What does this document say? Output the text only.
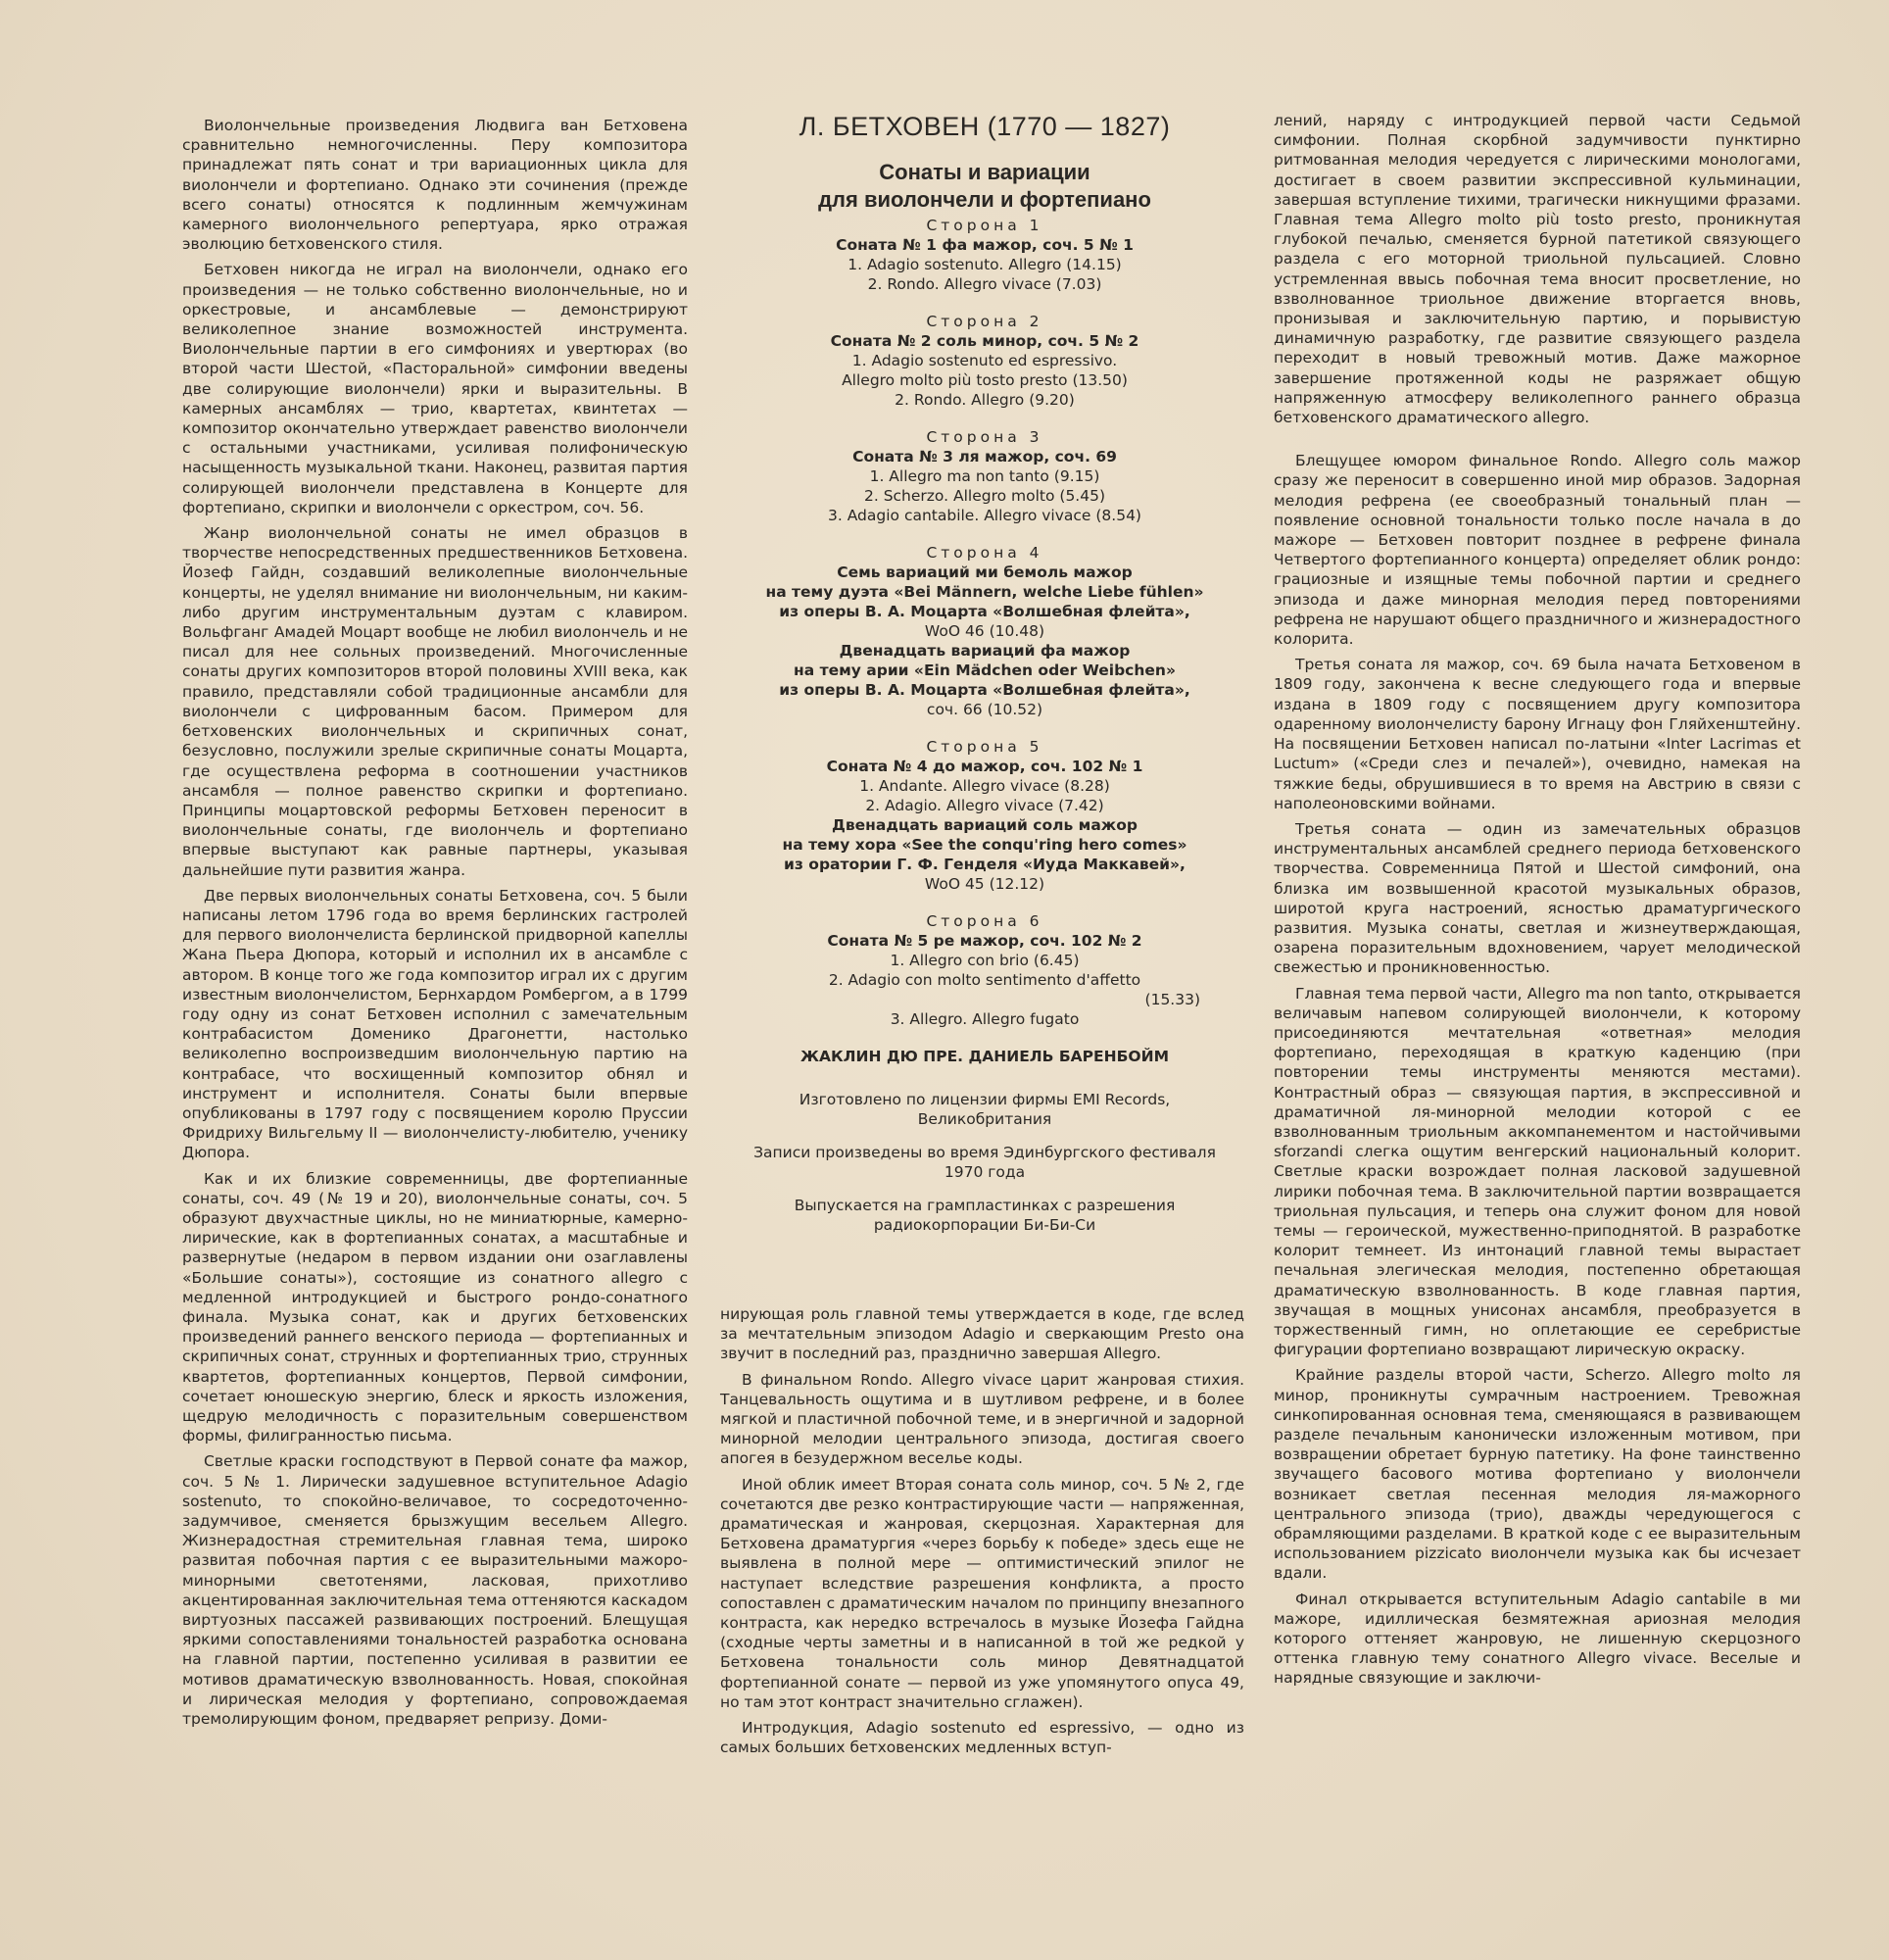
Виолончельные произведения Людвига ван Бетховена сравнительно немногочисленны. Перу композитора принадлежат пять сонат и три вариационных цикла для виолончели и фортепиано. Однако эти сочинения (прежде всего сонаты) относятся к подлинным жемчужинам камерного виолончельного репертуара, ярко отражая эволюцию бетховенского стиля.

Бетховен никогда не играл на виолончели, однако его произведения — не только собственно виолончельные, но и оркестровые, и ансамблевые — демонстрируют великолепное знание возможностей инструмента. Виолончельные партии в его симфониях и увертюрах (во второй части Шестой, «Пасторальной» симфонии введены две солирующие виолончели) ярки и выразительны. В камерных ансамблях — трио, квартетах, квинтетах — композитор окончательно утверждает равенство виолончели с остальными участниками, усиливая полифоническую насыщенность музыкальной ткани. Наконец, развитая партия солирующей виолончели представлена в Концерте для фортепиано, скрипки и виолончели с оркестром, соч. 56.

Жанр виолончельной сонаты не имел образцов в творчестве непосредственных предшественников Бетховена. Йозеф Гайдн, создавший великолепные виолончельные концерты, не уделял внимание ни виолончельным, ни каким-либо другим инструментальным дуэтам с клавиром. Вольфганг Амадей Моцарт вообще не любил виолончель и не писал для нее сольных произведений. Многочисленные сонаты других композиторов второй половины XVIII века, как правило, представляли собой традиционные ансамбли для виолончели с цифрованным басом. Примером для бетховенских виолончельных и скрипичных сонат, безусловно, послужили зрелые скрипичные сонаты Моцарта, где осуществлена реформа в соотношении участников ансамбля — полное равенство скрипки и фортепиано. Принципы моцартовской реформы Бетховен переносит в виолончельные сонаты, где виолончель и фортепиано впервые выступают как равные партнеры, указывая дальнейшие пути развития жанра.

Две первых виолончельных сонаты Бетховена, соч. 5 были написаны летом 1796 года во время берлинских гастролей для первого виолончелиста берлинской придворной капеллы Жана Пьера Дюпора, который и исполнил их в ансамбле с автором. В конце того же года композитор играл их с другим известным виолончелистом, Бернхардом Ромбергом, а в 1799 году одну из сонат Бетховен исполнил с замечательным контрабасистом Доменико Драгонетти, настолько великолепно воспроизведшим виолончельную партию на контрабасе, что восхищенный композитор обнял и инструмент и исполнителя. Сонаты были впервые опубликованы в 1797 году с посвящением королю Пруссии Фридриху Вильгельму II — виолончелисту-любителю, ученику Дюпора.

Как и их близкие современницы, две фортепианные сонаты, соч. 49 (№ 19 и 20), виолончельные сонаты, соч. 5 образуют двухчастные циклы, но не миниатюрные, камерно-лирические, как в фортепианных сонатах, а масштабные и развернутые (недаром в первом издании они озаглавлены «Большие сонаты»), состоящие из сонатного allegro с медленной интродукцией и быстрого рондо-сонатного финала. Музыка сонат, как и других бетховенских произведений раннего венского периода — фортепианных и скрипичных сонат, струнных и фортепианных трио, струнных квартетов, фортепианных концертов, Первой симфонии, сочетает юношескую энергию, блеск и яркость изложения, щедрую мелодичность с поразительным совершенством формы, филигранностью письма.

Светлые краски господствуют в Первой сонате фа мажор, соч. 5 № 1. Лирически задушевное вступительное Adagio sostenuto, то спокойно-величавое, то сосредоточенно-задумчивое, сменяется брызжущим весельем Allegro. Жизнерадостная стремительная главная тема, широко развитая побочная партия с ее выразительными мажоро-минорными светотенями, ласковая, прихотливо акцентированная заключительная тема оттеняются каскадом виртуозных пассажей развивающих построений. Блещущая яркими сопоставлениями тональностей разработка основана на главной партии, постепенно усиливая в развитии ее мотивов драматическую взволнованность. Новая, спокойная и лирическая мелодия у фортепиано, сопровождаемая тремолирующим фоном, предваряет репризу. Доми-

Л. БЕТХОВЕН (1770 — 1827)
Сонаты и вариации
для виолончели и фортепиано
Сторона 1
Соната № 1 фа мажор, соч. 5 № 1
1. Adagio sostenuto. Allegro (14.15)
2. Rondo. Allegro vivace (7.03)
Сторона 2
Соната № 2 соль минор, соч. 5 № 2
1. Adagio sostenuto ed espressivo.
Allegro molto più tosto presto (13.50)
2. Rondo. Allegro (9.20)
Сторона 3
Соната № 3 ля мажор, соч. 69
1. Allegro ma non tanto (9.15)
2. Scherzo. Allegro molto (5.45)
3. Adagio cantabile. Allegro vivace (8.54)
Сторона 4
Семь вариаций ми бемоль мажор
на тему дуэта «Bei Männern, welche Liebe fühlen»
из оперы В. А. Моцарта «Волшебная флейта»,
WoO 46 (10.48)
Двенадцать вариаций фа мажор
на тему арии «Ein Mädchen oder Weibchen»
из оперы В. А. Моцарта «Волшебная флейта»,
соч. 66 (10.52)
Сторона 5
Соната № 4 до мажор, соч. 102 № 1
1. Andante. Allegro vivace (8.28)
2. Adagio. Allegro vivace (7.42)
Двенадцать вариаций соль мажор
на тему хора «See the conqu'ring hero comes»
из оратории Г. Ф. Генделя «Иуда Маккавей»,
WoO 45 (12.12)
Сторона 6
Соната № 5 ре мажор, соч. 102 № 2
1. Allegro con brio (6.45)
2. Adagio con molto sentimento d'affetto
(15.33)
3. Allegro. Allegro fugato
ЖАКЛИН ДЮ ПРЕ. ДАНИЕЛЬ БАРЕНБОЙМ
Изготовлено по лицензии фирмы EMI Records, Великобритания
Записи произведены во время Эдинбургского фестиваля 1970 года
Выпускается на грампластинках с разрешения радиокорпорации Би-Би-Си

нирующая роль главной темы утверждается в коде, где вслед за мечтательным эпизодом Adagio и сверкающим Presto она звучит в последний раз, празднично завершая Allegro.

В финальном Rondo. Allegro vivace царит жанровая стихия. Танцевальность ощутима и в шутливом рефрене, и в более мягкой и пластичной побочной теме, и в энергичной и задорной минорной мелодии центрального эпизода, достигая своего апогея в безудержном веселье коды.

Иной облик имеет Вторая соната соль минор, соч. 5 № 2, где сочетаются две резко контрастирующие части — напряженная, драматическая и жанровая, скерцозная. Характерная для Бетховена драматургия «через борьбу к победе» здесь еще не выявлена в полной мере — оптимистический эпилог не наступает вследствие разрешения конфликта, а просто сопоставлен с драматическим началом по принципу внезапного контраста, как нередко встречалось в музыке Йозефа Гайдна (сходные черты заметны и в написанной в той же редкой у Бетховена тональности соль минор Девятнадцатой фортепианной сонате — первой из уже упомянутого опуса 49, но там этот контраст значительно сглажен).

Интродукция, Adagio sostenuto ed espressivo, — одно из самых больших бетховенских медленных вступ-

лений, наряду с интродукцией первой части Седьмой симфонии. Полная скорбной задумчивости пунктирно ритмованная мелодия чередуется с лирическими монологами, достигает в своем развитии экспрессивной кульминации, завершая вступление тихими, трагически никнущими фразами. Главная тема Allegro molto più tosto presto, проникнутая глубокой печалью, сменяется бурной патетикой связующего раздела с его моторной триольной пульсацией. Словно устремленная ввысь побочная тема вносит просветление, но взволнованное триольное движение вторгается вновь, пронизывая и заключительную партию, и порывистую динамичную разработку, где развитие связующего раздела переходит в новый тревожный мотив. Даже мажорное завершение протяженной коды не разряжает общую напряженную атмосферу великолепного раннего образца бетховенского драматического allegro.

Блещущее юмором финальное Rondo. Allegro соль мажор сразу же переносит в совершенно иной мир образов. Задорная мелодия рефрена (ее своеобразный тональный план — появление основной тональности только после начала в до мажоре — Бетховен повторит позднее в рефрене финала Четвертого фортепианного концерта) определяет облик рондо: грациозные и изящные темы побочной партии и среднего эпизода и даже минорная мелодия перед повторениями рефрена не нарушают общего праздничного и жизнерадостного колорита.

Третья соната ля мажор, соч. 69 была начата Бетховеном в 1809 году, закончена к весне следующего года и впервые издана в 1809 году с посвящением другу композитора одаренному виолончелисту барону Игнацу фон Гляйхенштейну. На посвящении Бетховен написал по-латыни «Inter Lacrimas et Luctum» («Среди слез и печалей»), очевидно, намекая на тяжкие беды, обрушившиеся в то время на Австрию в связи с наполеоновскими войнами.

Третья соната — один из замечательных образцов инструментальных ансамблей среднего периода бетховенского творчества. Современница Пятой и Шестой симфоний, она близка им возвышенной красотой музыкальных образов, широтой круга настроений, ясностью драматургического развития. Музыка сонаты, светлая и жизнеутверждающая, озарена поразительным вдохновением, чарует мелодической свежестью и проникновенностью.

Главная тема первой части, Allegro ma non tanto, открывается величавым напевом солирующей виолончели, к которому присоединяются мечтательная «ответная» мелодия фортепиано, переходящая в краткую каденцию (при повторении темы инструменты меняются местами). Контрастный образ — связующая партия, в экспрессивной и драматичной ля-минорной мелодии которой с ее взволнованным триольным аккомпанементом и настойчивыми sforzandi слегка ощутим венгерский национальный колорит. Светлые краски возрождает полная ласковой задушевной лирики побочная тема. В заключительной партии возвращается триольная пульсация, и теперь она служит фоном для новой темы — героической, мужественно-приподнятой. В разработке колорит темнеет. Из интонаций главной темы вырастает печальная элегическая мелодия, постепенно обретающая драматическую взволнованность. В коде главная партия, звучащая в мощных унисонах ансамбля, преобразуется в торжественный гимн, но оплетающие ее серебристые фигурации фортепиано возвращают лирическую окраску.

Крайние разделы второй части, Scherzo. Allegro molto ля минор, проникнуты сумрачным настроением. Тревожная синкопированная основная тема, сменяющаяся в развивающем разделе печальным канонически изложенным мотивом, при возвращении обретает бурную патетику. На фоне таинственно звучащего басового мотива фортепиано у виолончели возникает светлая песенная мелодия ля-мажорного центрального эпизода (трио), дважды чередующегося с обрамляющими разделами. В краткой коде с ее выразительным использованием pizzicato виолончели музыка как бы исчезает вдали.

Финал открывается вступительным Adagio cantabile в ми мажоре, идиллическая безмятежная ариозная мелодия которого оттеняет жанровую, не лишенную скерцозного оттенка главную тему сонатного Allegro vivace. Веселые и нарядные связующие и заключи-
